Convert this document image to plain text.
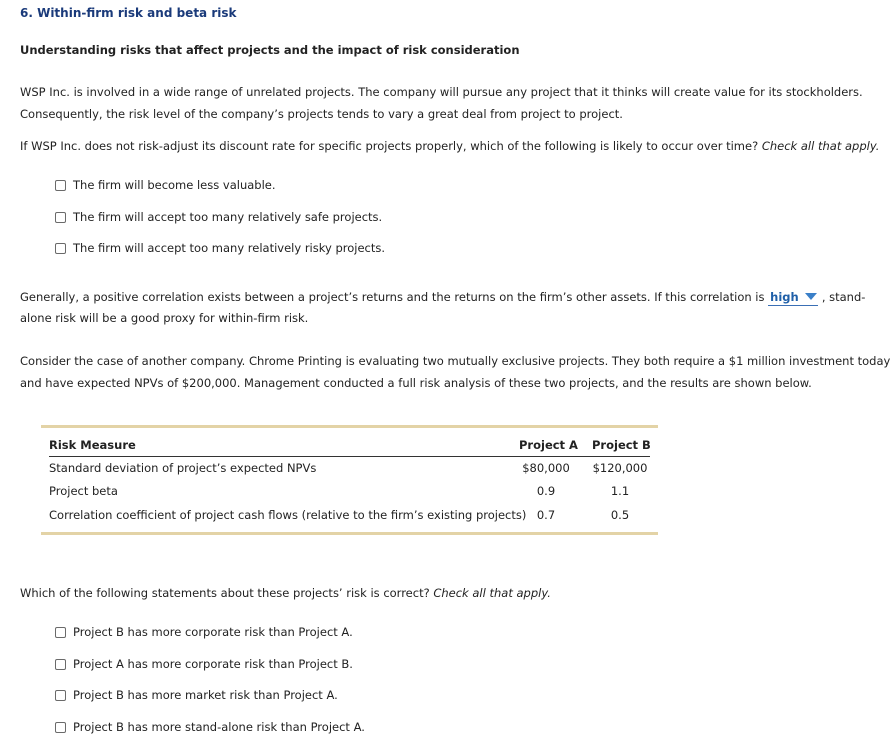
6. Within-firm risk and beta risk
Understanding risks that affect projects and the impact of risk consideration
WSP Inc. is involved in a wide range of unrelated projects. The company will pursue any project that it thinks will create value for its stockholders.
Consequently, the risk level of the company’s projects tends to vary a great deal from project to project.
If WSP Inc. does not risk-adjust its discount rate for specific projects properly, which of the following is likely to occur over time? Check all that apply.
The firm will become less valuable.
The firm will accept too many relatively safe projects.
The firm will accept too many relatively risky projects.
Generally, a positive correlation exists between a project’s returns and the returns on the firm’s other assets. If this correlation is high , stand-
alone risk will be a good proxy for within-firm risk.
Consider the case of another company. Chrome Printing is evaluating two mutually exclusive projects. They both require a $1 million investment today
and have expected NPVs of $200,000. Management conducted a full risk analysis of these two projects, and the results are shown below.
Risk Measure	Project A Project B
Standard deviation of project’s expected NPVs	$80,000	$120,000
Project beta	0.9	1.1
Correlation coefficient of project cash flows (relative to the firm’s existing projects) 0.7	0.5
Which of the following statements about these projects’ risk is correct? Check all that apply.
Project B has more corporate risk than Project A.
Project A has more corporate risk than Project B.
Project B has more market risk than Project A.
Project B has more stand-alone risk than Project A.
